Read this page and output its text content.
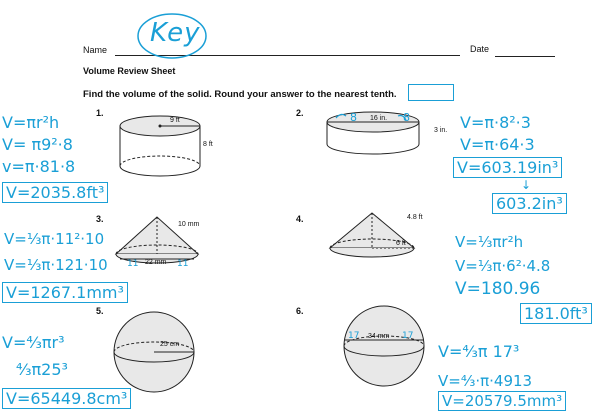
Name
Key
Date
Volume Review Sheet
Find the volume of the solid. Round your answer to the nearest tenth.
1.	2.
3.	4.
5.	6.
9 ft
8 ft
8 16 in. 8
3 in.
10 mm
11 22 mm 11
4.8 ft
6 ft
25 cm
17 34 mm 17
V=πr²h
V= π9²·8
v=π·81·8
V=2035.8ft³
V=π·8²·3
V=π·64·3
V=603.19in³
↓
603.2in³
V=⅓π·11²·10
V=⅓π·121·10
V=1267.1mm³
V=⅓πr²h
V=⅓π·6²·4.8
V=180.96
181.0ft³
V=⁴⁄₃πr³
⁴⁄₃π25³
V=65449.8cm³
V=⁴⁄₃π 17³
V=⁴⁄₃·π·4913
V=20579.5mm³
